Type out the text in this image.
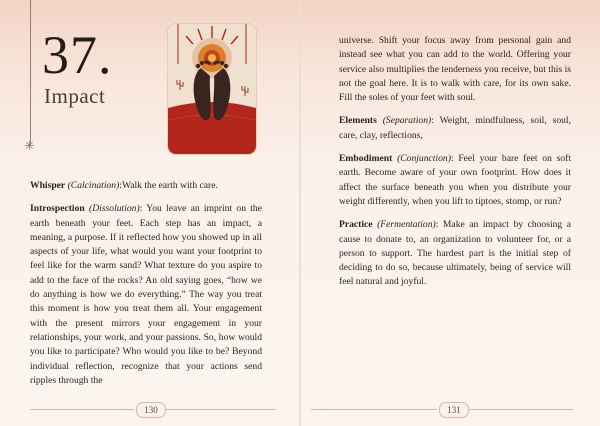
✳
37.
Impact

Whisper (Calcination):Walk the earth with care.

Introspection (Dissolution): You leave an imprint on the earth beneath your feet. Each step has an impact, a meaning, a purpose. If it reflected how you showed up in all aspects of your life, what would you want your footprint to feel like for the warm sand? What texture do you aspire to add to the face of the rocks? An old saying goes, “how we do anything is how we do everything.” The way you treat this moment is how you treat them all. Your engagement with the present mirrors your engagement in your relationships, your work, and your passions. So, how would you like to participate? Who would you like to be? Beyond individual reflection, recognize that your actions send ripples through the

130

universe. Shift your focus away from personal gain and instead see what you can add to the world. Offering your service also multiplies the tenderness you receive, but this is not the goal here. It is to walk with care, for its own sake. Fill the soles of your feet with soul.

Elements (Separation): Weight, mindfulness, soil, soul, care, clay, reflections,

Embodiment (Conjunction): Feel your bare feet on soft earth. Become aware of your own footprint. How does it affect the surface beneath you when you distribute your weight differently, when you lift to tiptoes, stomp, or run?

Practice (Fermentation): Make an impact by choosing a cause to donate to, an organization to volunteer for, or a person to support. The hardest part is the initial step of deciding to do so, because ultimately, being of service will feel natural and joyful.

131
